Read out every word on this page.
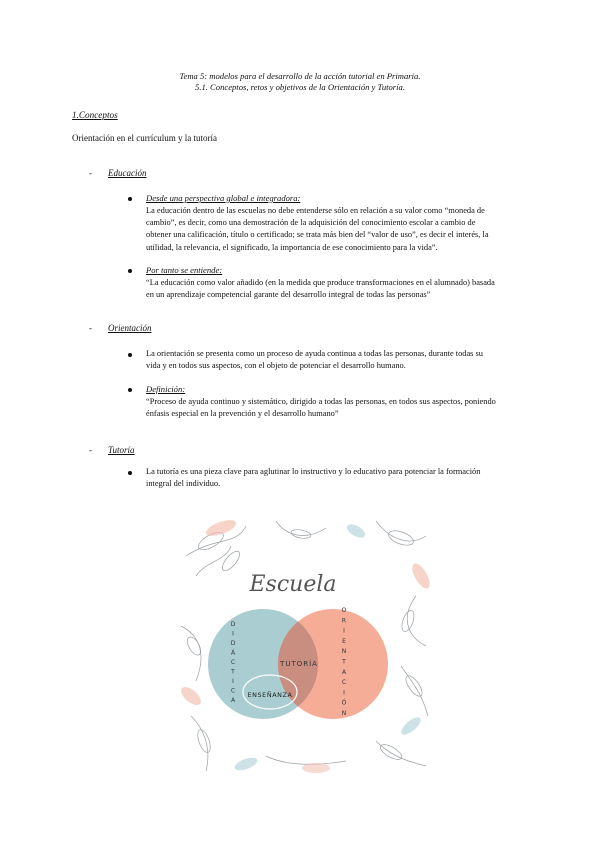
Tema 5: modelos para el desarrollo de la acción tutorial en Primaria.
5.1. Conceptos, retos y objetivos de la Orientación y Tutoría.
1.Conceptos
Orientación en el currículum y la tutoría
- Educación
Desde una perspectiva global e integradora:
La educación dentro de las escuelas no debe entenderse sólo en relación a su valor como “moneda de
cambio”, es decir, como una demostración de la adquisición del conocimiento escolar a cambio de
obtener una calificación, título o certificado; se trata más bien del “valor de uso”, es decir el interés, la
utilidad, la relevancia, el significado, la importancia de ese conocimiento para la vida”.
Por tanto se entiende:
“La educación como valor añadido (en la medida que produce transformaciones en el alumnado) basada
en un aprendizaje competencial garante del desarrollo integral de todas las personas”
- Orientación
La orientación se presenta como un proceso de ayuda continua a todas las personas, durante todas su
vida y en todos sus aspectos, con el objeto de potenciar el desarrollo humano.
Definición:
“Proceso de ayuda continuo y sistemático, dirigido a todas las personas, en todos sus aspectos, poniendo
énfasis especial en la prevención y el desarrollo humano”
- Tutoría
La tutoría es una pieza clave para aglutinar lo instructivo y lo educativo para potenciar la formación
integral del individuo.
Escuela
D I D Á C T I C A
O R I E N T A C I Ó N
TUTORÍA
ENSEÑANZA
